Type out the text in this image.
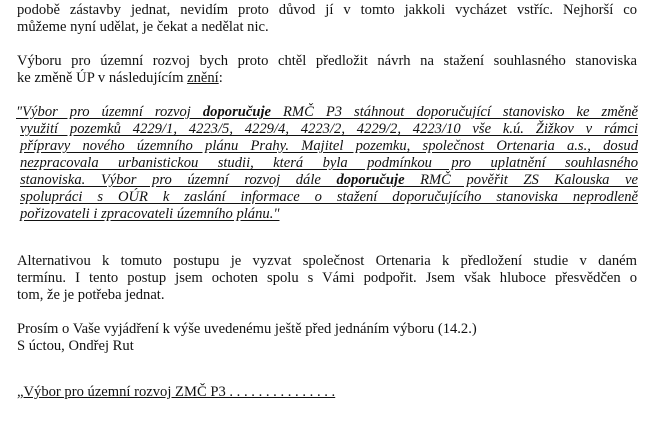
podobě zástavby jednat, nevidím proto důvod jí v tomto jakkoli vycházet vstříc. Nejhorší co
můžeme nyní udělat, je čekat a nedělat nic.
Výboru pro územní rozvoj bych proto chtěl předložit návrh na stažení souhlasného stanoviska
ke změně ÚP v následujícím znění:
"Výbor pro územní rozvoj doporučuje RMČ P3 stáhnout doporučující stanovisko ke změně
využití pozemků 4229/1, 4223/5, 4229/4, 4223/2, 4229/2, 4223/10 vše k.ú. Žižkov v rámci
přípravy nového územního plánu Prahy. Majitel pozemku, společnost Ortenaria a.s., dosud
nezpracovala urbanistickou studii, která byla podmínkou pro uplatnění souhlasného
stanoviska. Výbor pro územní rozvoj dále doporučuje RMČ pověřit ZS Kalouska ve
spolupráci s OÚR k zaslání informace o stažení doporučujícího stanoviska neprodleně
pořizovateli i zpracovateli územního plánu."
Alternativou k tomuto postupu je vyzvat společnost Ortenaria k předložení studie v daném
termínu. I tento postup jsem ochoten spolu s Vámi podpořit. Jsem však hluboce přesvědčen o
tom, že je potřeba jednat.
Prosím o Vaše vyjádření k výše uvedenému ještě před jednáním výboru (14.2.)
S úctou, Ondřej Rut
„Výbor pro územní rozvoj ZMČ P3 . . . . . . . . . . . . . . .
